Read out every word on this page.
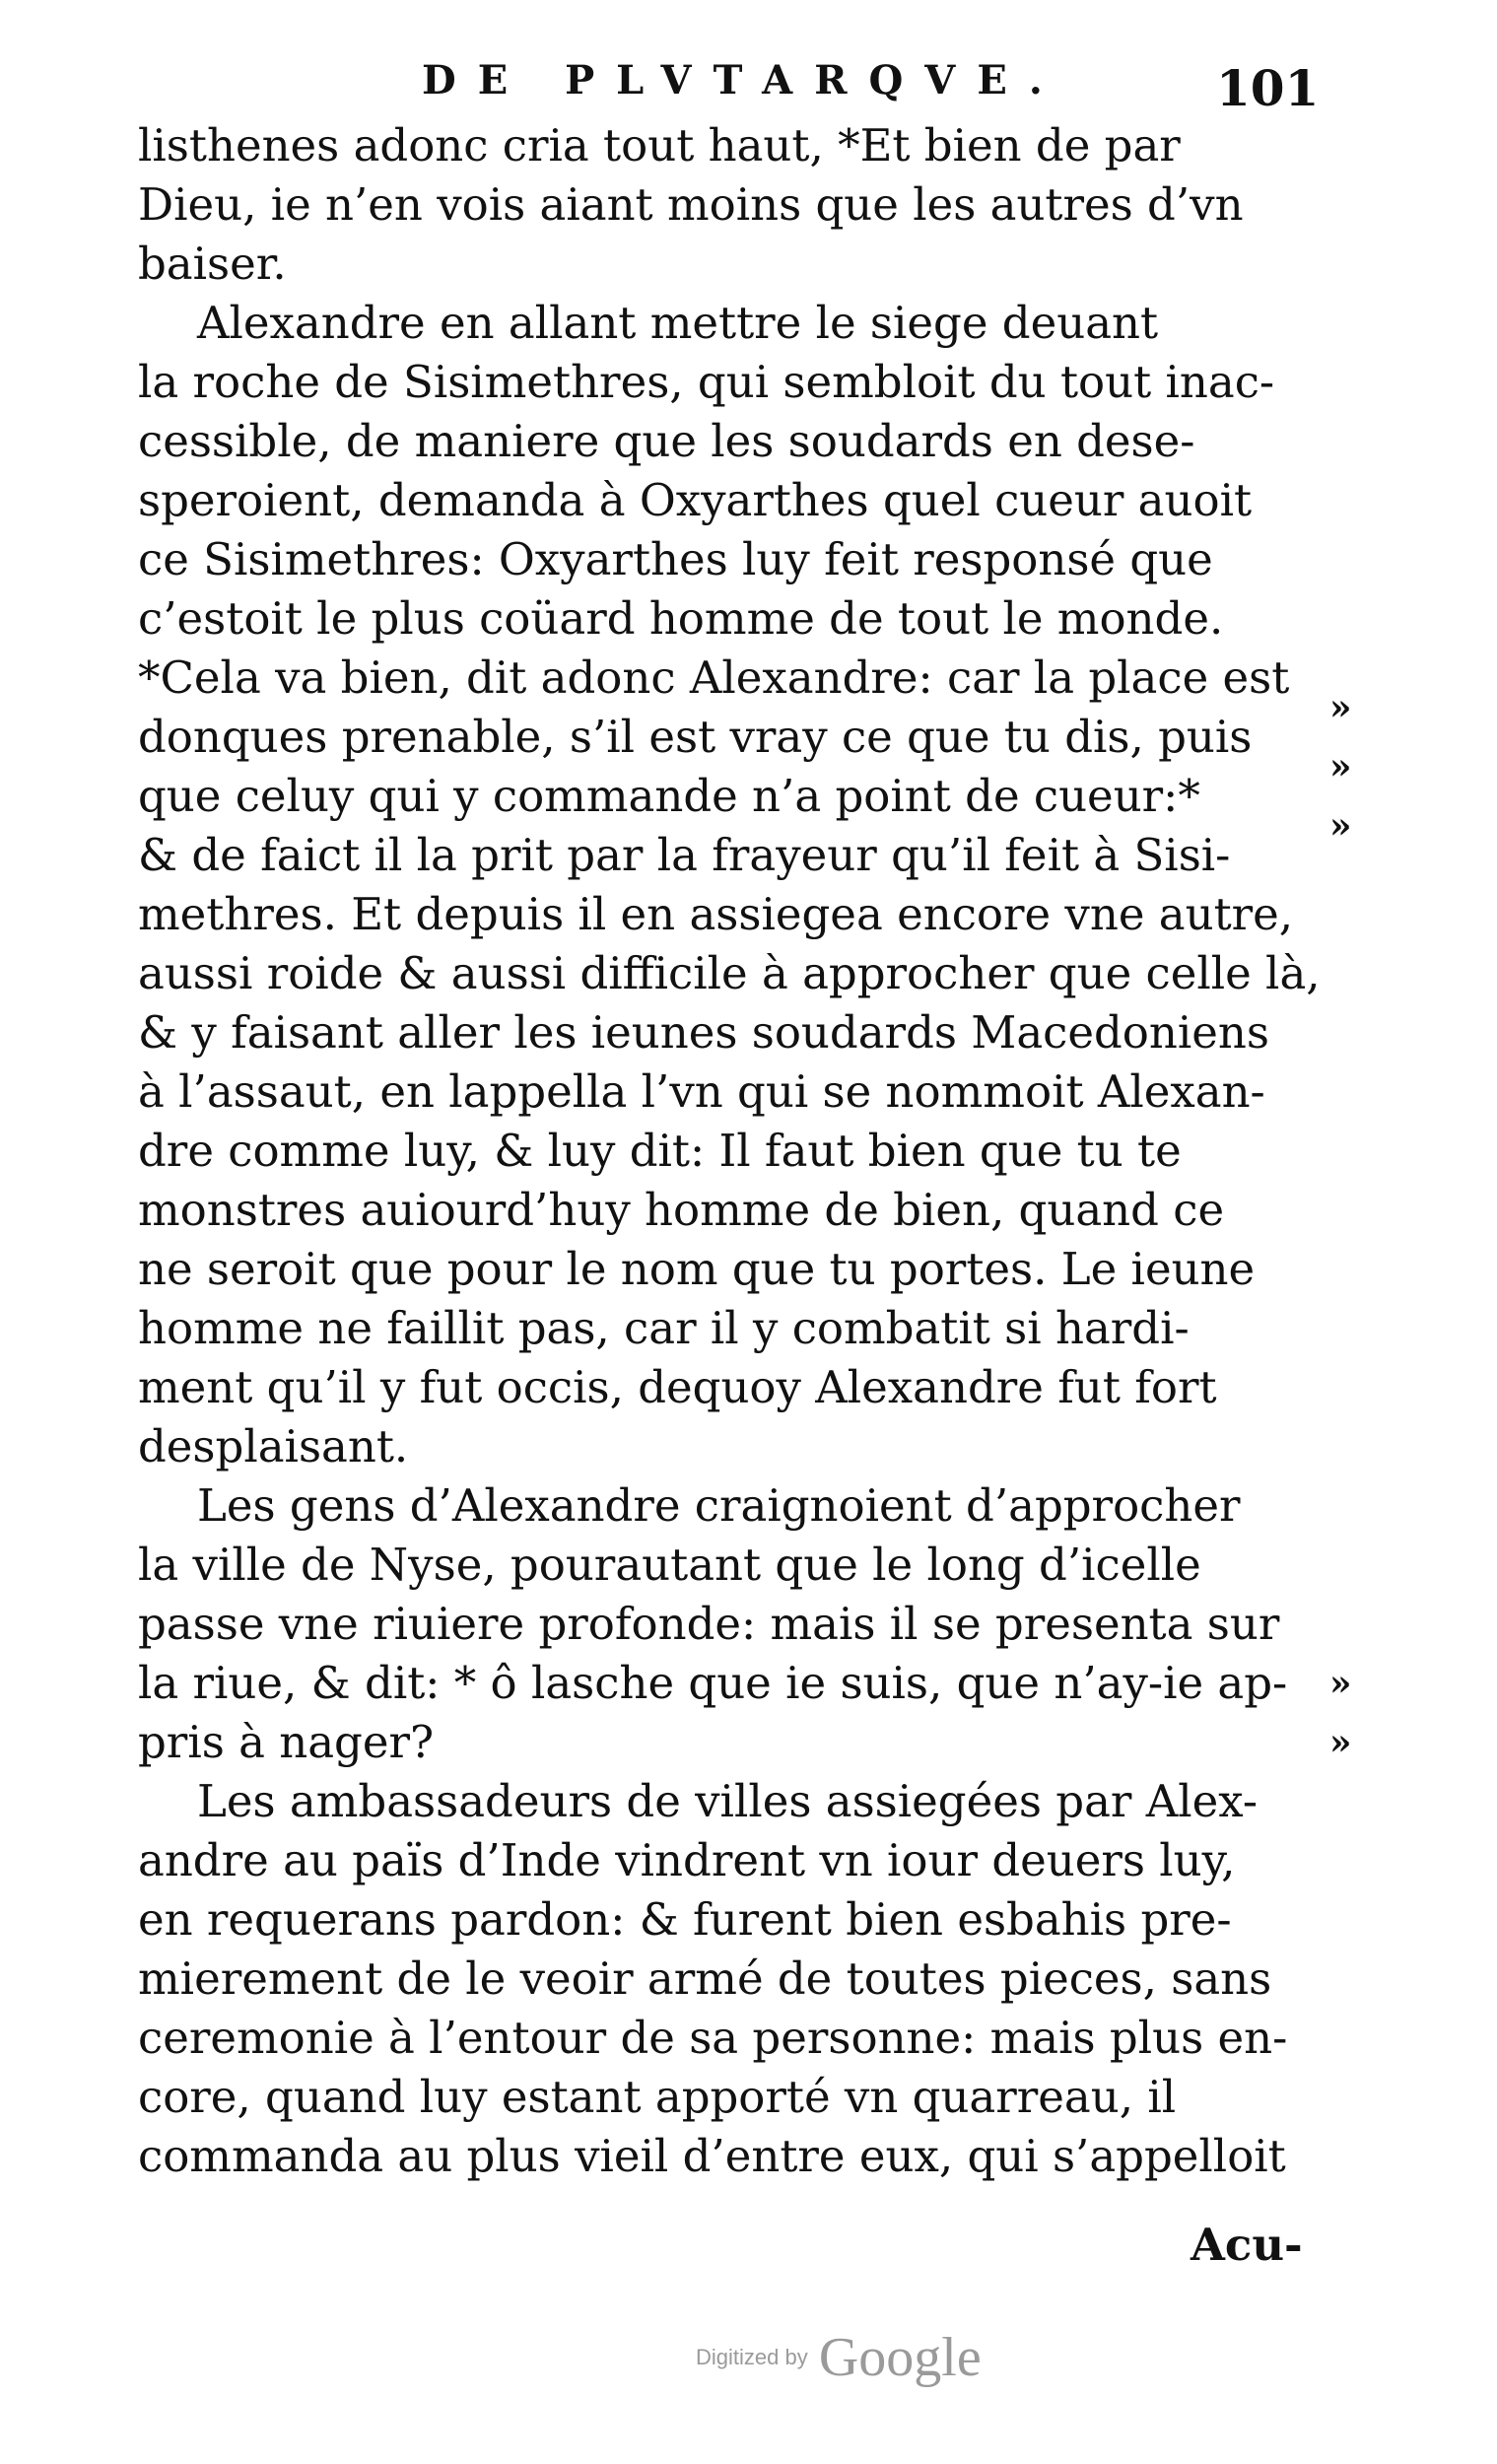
DE PLVTARQVE.	101
listhenes adonc cria tout haut, *Et bien de par
Dieu, ie n’en vois aiant moins que les autres d’vn
baiser.
Alexandre en allant mettre le siege deuant
la roche de Sisimethres, qui sembloit du tout inac-
cessible, de maniere que les soudards en dese-
speroient, demanda à Oxyarthes quel cueur auoit
ce Sisimethres: Oxyarthes luy feit responsé que
c’estoit le plus coüard homme de tout le monde.
*Cela va bien, dit adonc Alexandre: car la place est
donques prenable, s’il est vray ce que tu dis, puis
que celuy qui y commande n’a point de cueur:*
& de faict il la prit par la frayeur qu’il feit à Sisi-
methres. Et depuis il en assiegea encore vne autre,
aussi roide & aussi difficile à approcher que celle là,
& y faisant aller les ieunes soudards Macedoniens
à l’assaut, en lappella l’vn qui se nommoit Alexan-
dre comme luy, & luy dit: Il faut bien que tu te
monstres auiourd’huy homme de bien, quand ce
ne seroit que pour le nom que tu portes. Le ieune
homme ne faillit pas, car il y combatit si hardi-
ment qu’il y fut occis, dequoy Alexandre fut fort
desplaisant.
Les gens d’Alexandre craignoient d’approcher
la ville de Nyse, pourautant que le long d’icelle
passe vne riuiere profonde: mais il se presenta sur
la riue, & dit: * ô lasche que ie suis, que n’ay-ie ap-
pris à nager?
Les ambassadeurs de villes assiegées par Alex-
andre au païs d’Inde vindrent vn iour deuers luy,
en requerans pardon: & furent bien esbahis pre-
mierement de le veoir armé de toutes pieces, sans
ceremonie à l’entour de sa personne: mais plus en-
core, quand luy estant apporté vn quarreau, il
commanda au plus vieil d’entre eux, qui s’appelloit
»
»
»
»
»
Acu-
Digitized by Google
